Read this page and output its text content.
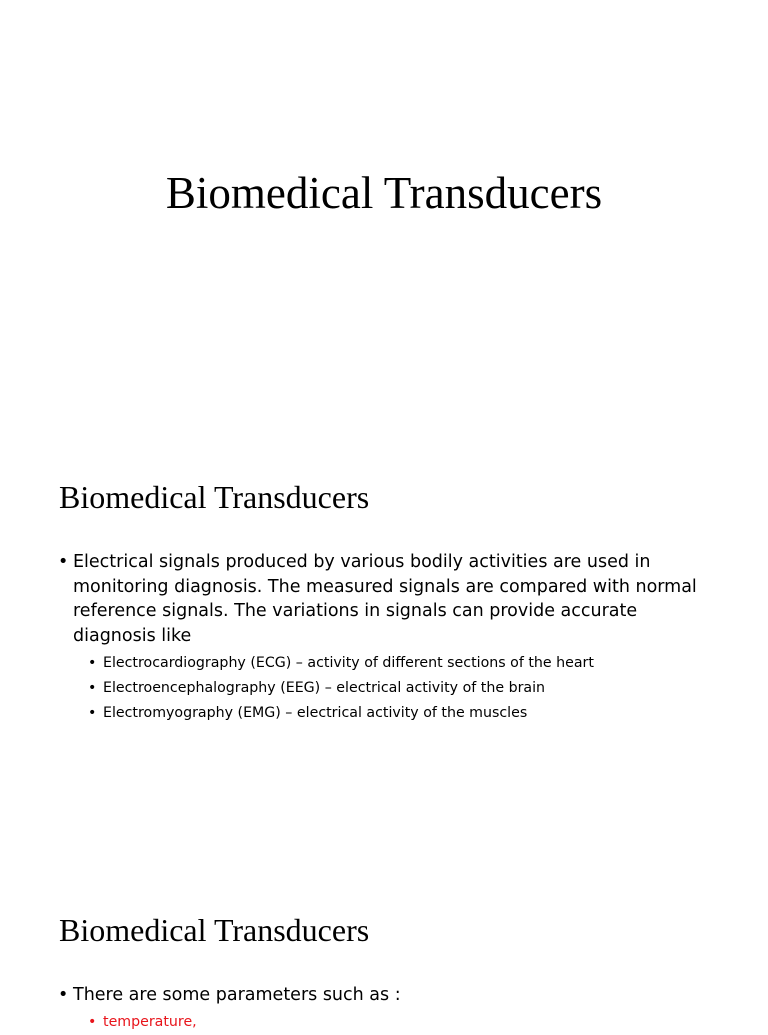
Biomedical Transducers
Biomedical Transducers
• Electrical signals produced by various bodily activities are used in monitoring diagnosis. The measured signals are compared with normal reference signals. The variations in signals can provide accurate diagnosis like
• Electrocardiography (ECG) – activity of different sections of the heart
• Electroencephalography (EEG) – electrical activity of the brain
• Electromyography (EMG) – electrical activity of the muscles
Biomedical Transducers
• There are some parameters such as :
• temperature,
